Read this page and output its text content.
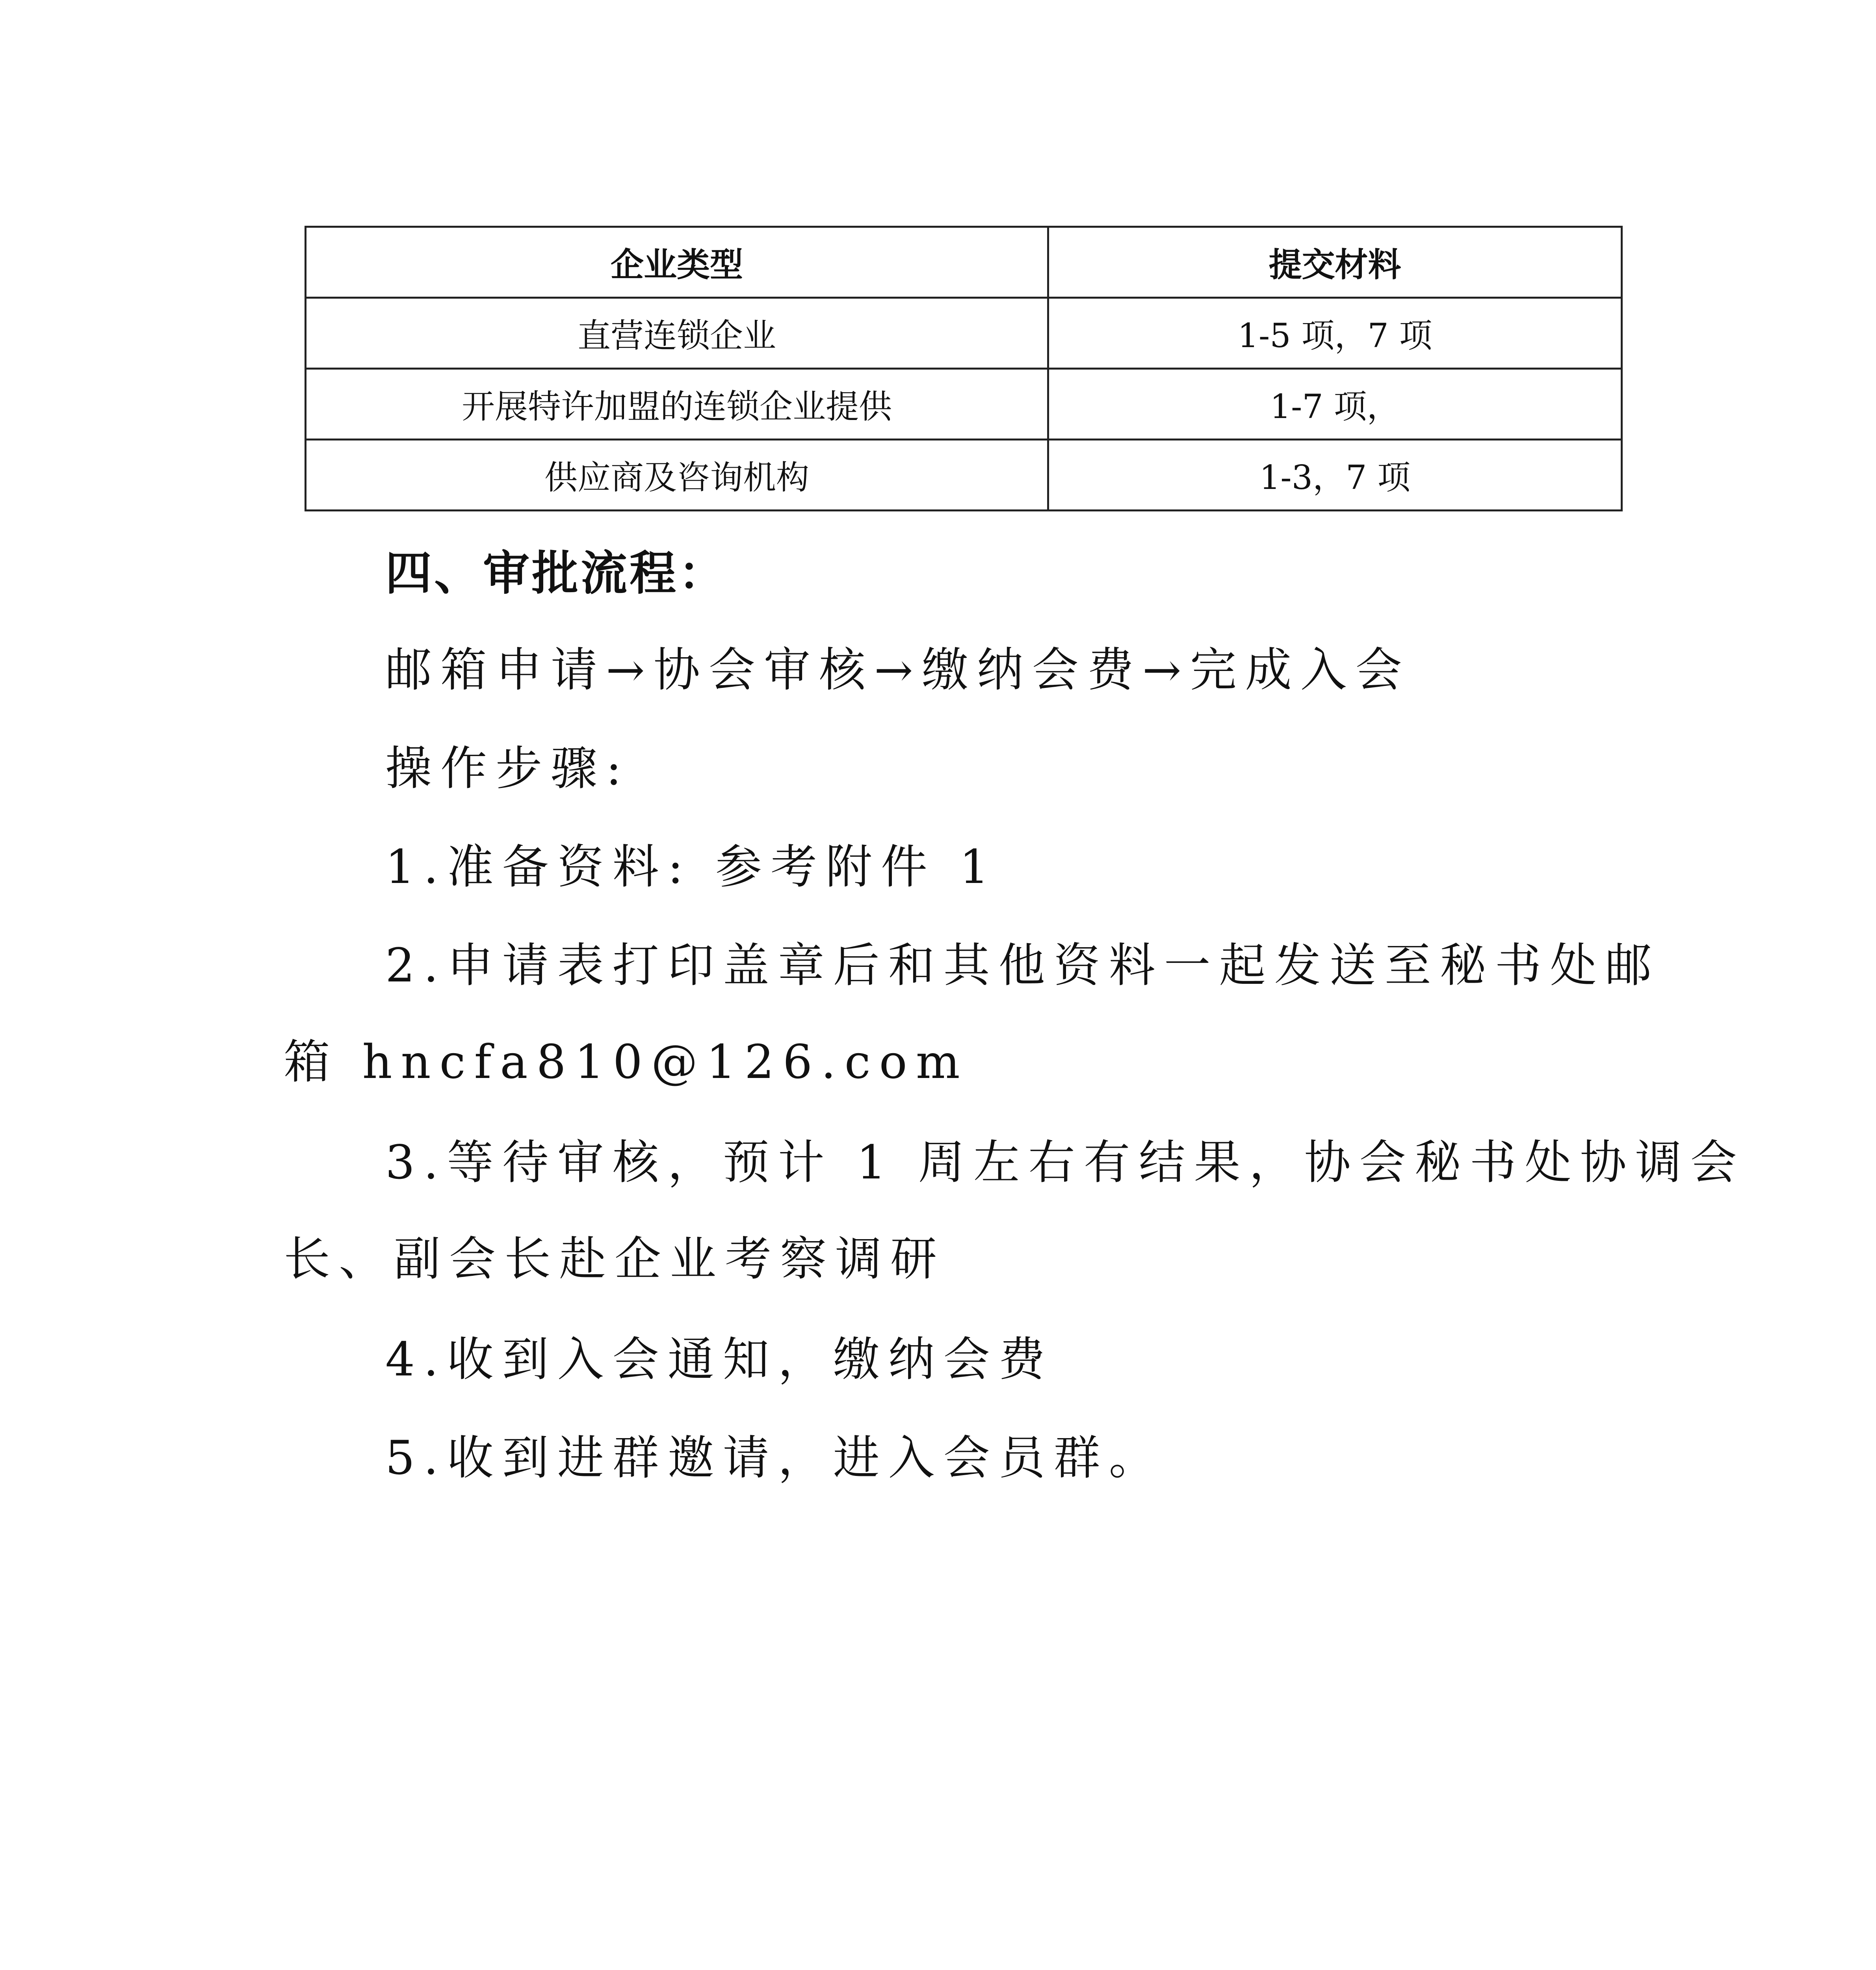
企业类型	提交材料
直营连锁企业	1-5 项，7 项
开展特许加盟的连锁企业提供	1-7 项，
供应商及咨询机构	1-3，7 项

四、审批流程：

邮箱申请→协会审核→缴纳会费→完成入会

操作步骤:

1.准备资料: 参考附件 1

2.申请表打印盖章后和其他资料一起发送至秘书处邮

箱 hncfa810@126.com

3.等待审核，预计 1 周左右有结果，协会秘书处协调会

长、副会长赴企业考察调研

4.收到入会通知，缴纳会费

5.收到进群邀请，进入会员群。
